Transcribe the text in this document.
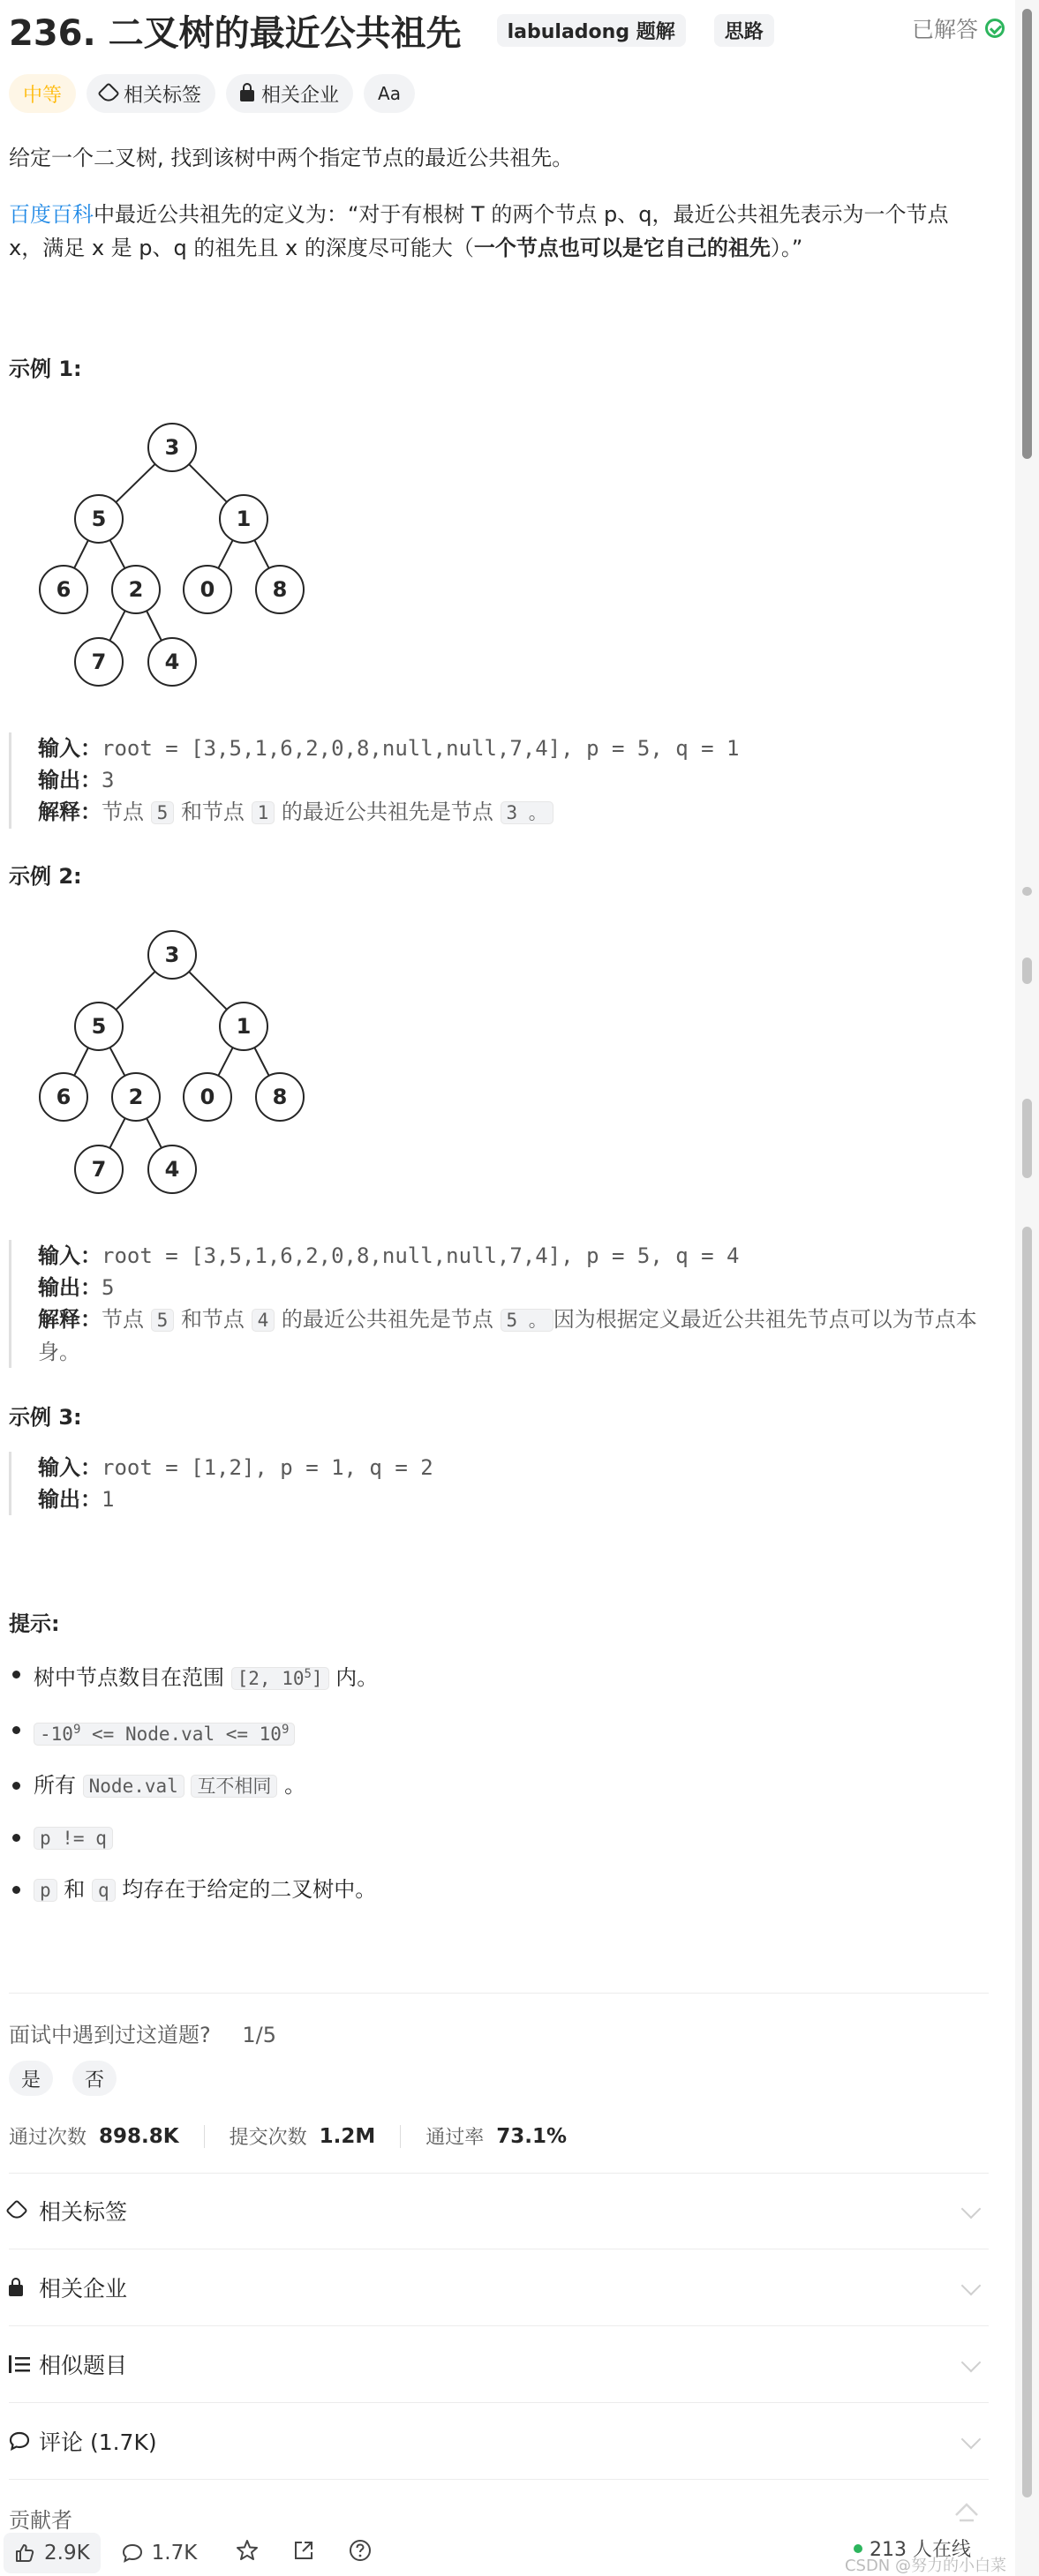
236. 二叉树的最近公共祖先	labuladong 题解	思路	已解答
中等	相关标签	相关企业 Aa
给定一个二叉树, 找到该树中两个指定节点的最近公共祖先。
百度百科中最近公共祖先的定义为：“对于有根树 T 的两个节点 p、q，最近公共祖先表示为一个节点 x，满足 x 是 p、q 的祖先且 x 的深度尽可能大（一个节点也可以是它自己的祖先）。”
示例 1:
3
5	1
6	2	0	8
7	4
输入：root = [3,5,1,6,2,0,8,null,null,7,4], p = 5, q = 1
输出：3
解释：节点 5 和节点 1 的最近公共祖先是节点 3 。
示例 2:
3
5	1
6	2	0	8
7	4
输入：root = [3,5,1,6,2,0,8,null,null,7,4], p = 5, q = 4
输出：5
解释：节点 5 和节点 4 的最近公共祖先是节点 5 。 因为根据定义最近公共祖先节点可以为节点本身。
示例 3:
输入：root = [1,2], p = 1, q = 2
输出：1
提示:
树中节点数目在范围 [2, $10^5$] 内。
$-10^9$ <= Node.val <= $10^9$
所有 Node.val 互不相同 。
p != q
p 和 q 均存在于给定的二叉树中。
面试中遇到过这道题? 1/5
是	否
通过次数 898.8K	提交次数 1.2M	通过率 73.1%
相关标签
相关企业
相似题目
评论 (1.7K)
贡献者
2.9K	1.7K	213 人在线
CSDN @努力的小白菜
